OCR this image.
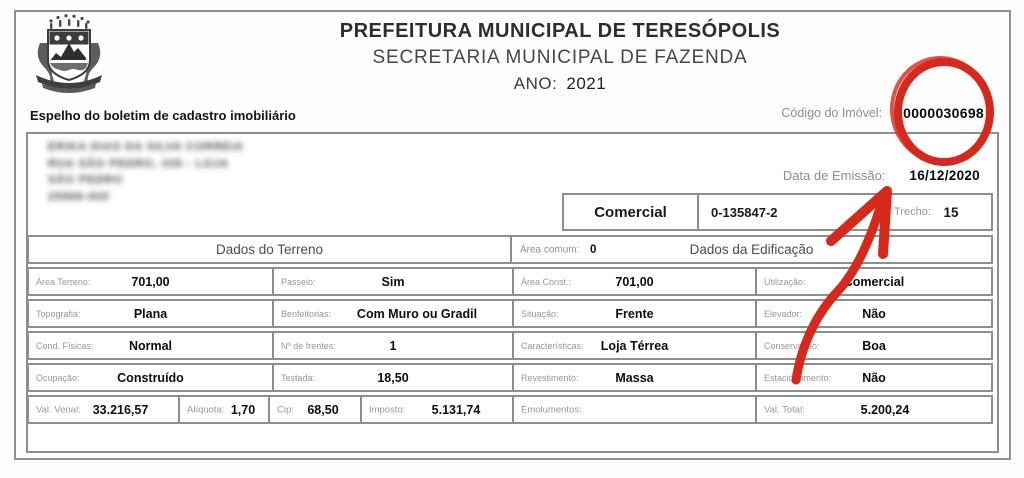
PREFEITURA MUNICIPAL DE TERESÓPOLIS
SECRETARIA MUNICIPAL DE FAZENDA
ANO: 2021
Espelho do boletim de cadastro imobiliário	Código do Imóvel: 0000030698
ERIKA DIAS DA SILVA CORREIA
RUA SÃO PEDRO, 335 - LOJA
SÃO PEDRO
25968-000
Data de Emissão: 16/12/2020
Comercial	0-135847-2	Trecho: 15
Dados do Terreno	Área comum: 0	Dados da Edificação
Área Terreno:	701,00	Passeio:	Sim	Área Const.:	701,00	Utilização:	Comercial
Topografia:	Plana	Benfeitorias:	Com Muro ou Gradil	Situação:	Frente	Elevador:	Não
Cond. Físicas:	Normal	Nº de frentes:	1	Características:	Loja Térrea	Conservação:	Boa
Ocupação:	Construído	Testada:	18,50	Revestimento:	Massa	Estacionamento:	Não
Val. Venal: 33.216,57	Alíquota: 1,70	Cip:	68,50	Imposto:	5.131,74	Emolumentos:	Val. Total:	5.200,24
